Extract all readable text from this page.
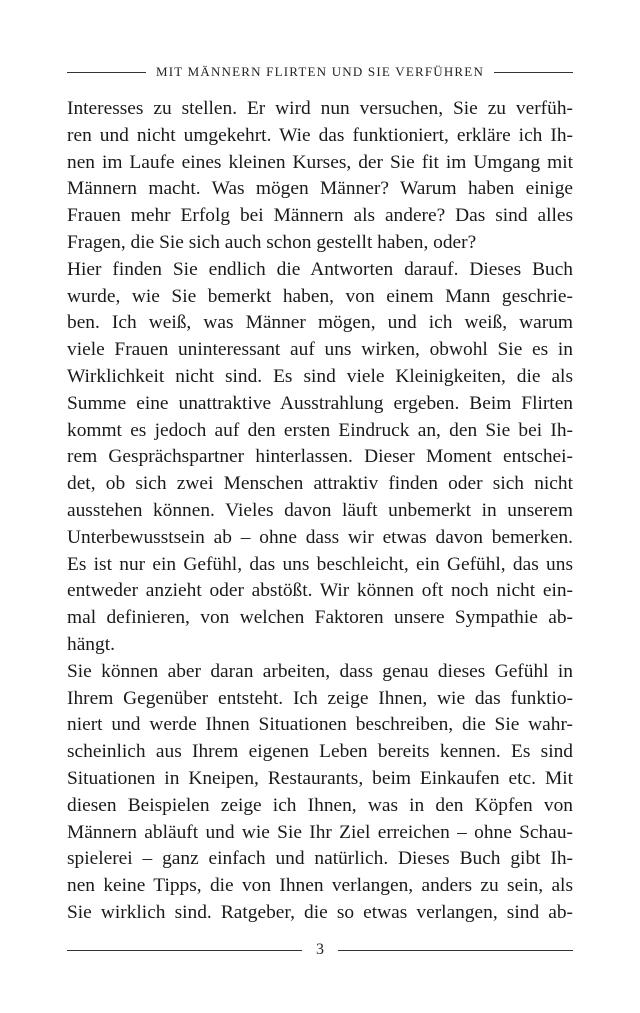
MIT MÄNNERN FLIRTEN UND SIE VERFÜHREN

Interesses zu stellen. Er wird nun versuchen, Sie zu verfüh-
ren und nicht umgekehrt. Wie das funktioniert, erkläre ich Ih-
nen im Laufe eines kleinen Kurses, der Sie fit im Umgang mit
Männern macht. Was mögen Männer? Warum haben einige
Frauen mehr Erfolg bei Männern als andere? Das sind alles
Fragen, die Sie sich auch schon gestellt haben, oder?

Hier finden Sie endlich die Antworten darauf. Dieses Buch
wurde, wie Sie bemerkt haben, von einem Mann geschrie-
ben. Ich weiß, was Männer mögen, und ich weiß, warum
viele Frauen uninteressant auf uns wirken, obwohl Sie es in
Wirklichkeit nicht sind. Es sind viele Kleinigkeiten, die als
Summe eine unattraktive Ausstrahlung ergeben. Beim Flirten
kommt es jedoch auf den ersten Eindruck an, den Sie bei Ih-
rem Gesprächspartner hinterlassen. Dieser Moment entschei-
det, ob sich zwei Menschen attraktiv finden oder sich nicht
ausstehen können. Vieles davon läuft unbemerkt in unserem
Unterbewusstsein ab – ohne dass wir etwas davon bemerken.
Es ist nur ein Gefühl, das uns beschleicht, ein Gefühl, das uns
entweder anzieht oder abstößt. Wir können oft noch nicht ein-
mal definieren, von welchen Faktoren unsere Sympathie ab-
hängt.

Sie können aber daran arbeiten, dass genau dieses Gefühl in
Ihrem Gegenüber entsteht. Ich zeige Ihnen, wie das funktio-
niert und werde Ihnen Situationen beschreiben, die Sie wahr-
scheinlich aus Ihrem eigenen Leben bereits kennen. Es sind
Situationen in Kneipen, Restaurants, beim Einkaufen etc. Mit
diesen Beispielen zeige ich Ihnen, was in den Köpfen von
Männern abläuft und wie Sie Ihr Ziel erreichen – ohne Schau-
spielerei – ganz einfach und natürlich. Dieses Buch gibt Ih-
nen keine Tipps, die von Ihnen verlangen, anders zu sein, als
Sie wirklich sind. Ratgeber, die so etwas verlangen, sind ab-

3
